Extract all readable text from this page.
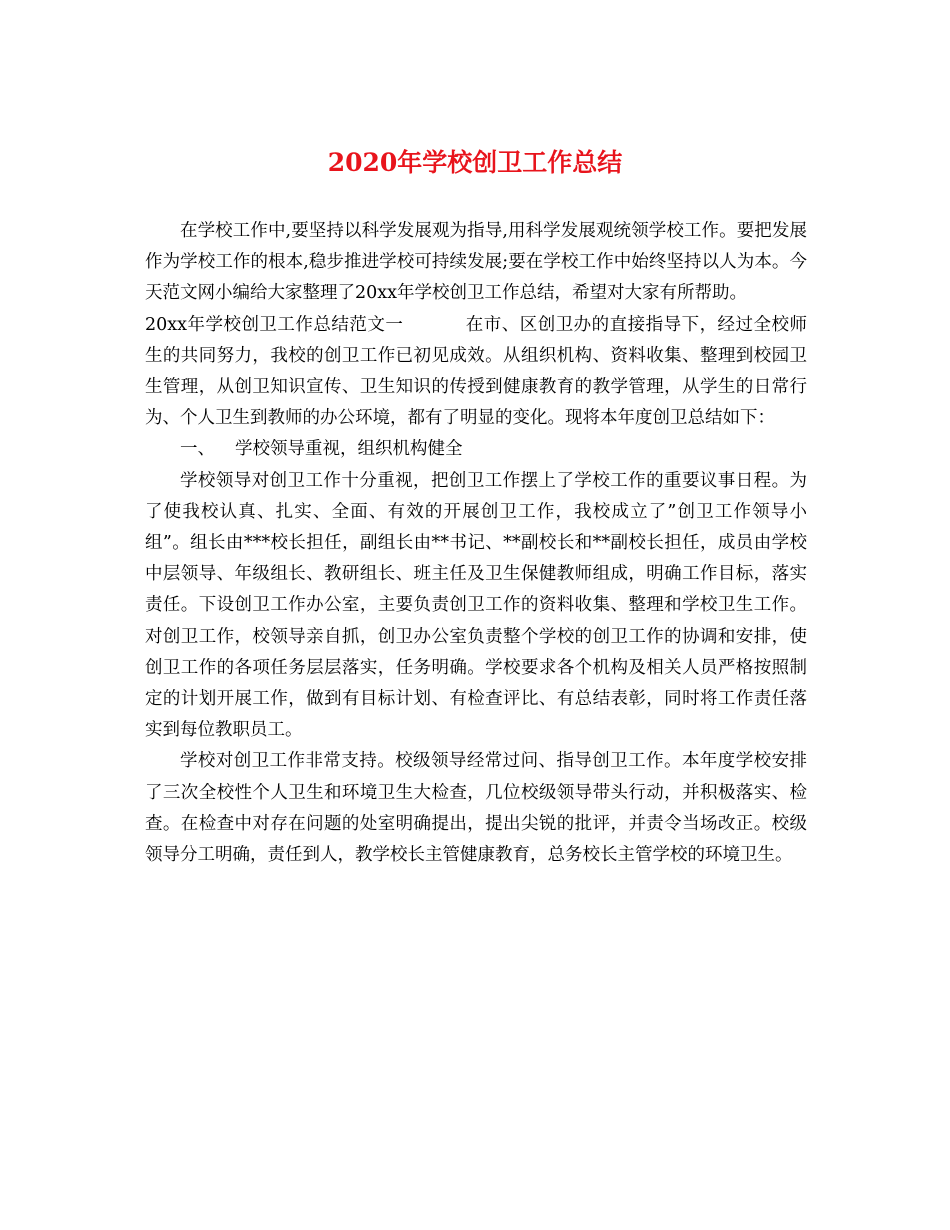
2020年学校创卫工作总结

在学校工作中,要坚持以科学发展观为指导,用科学发展观统领学校工作。要把发展作为学校工作的根本,稳步推进学校可持续发展;要在学校工作中始终坚持以人为本。今天范文网小编给大家整理了20xx年学校创卫工作总结，希望对大家有所帮助。

20xx年学校创卫工作总结范文一	在市、区创卫办的直接指导下，经过全校师生的共同努力，我校的创卫工作已初见成效。从组织机构、资料收集、整理到校园卫生管理，从创卫知识宣传、卫生知识的传授到健康教育的教学管理，从学生的日常行为、个人卫生到教师的办公环境，都有了明显的变化。现将本年度创卫总结如下：

一、 学校领导重视，组织机构健全

学校领导对创卫工作十分重视，把创卫工作摆上了学校工作的重要议事日程。为了使我校认真、扎实、全面、有效的开展创卫工作，我校成立了”创卫工作领导小组”。组长由***校长担任，副组长由**书记、**副校长和**副校长担任，成员由学校中层领导、年级组长、教研组长、班主任及卫生保健教师组成，明确工作目标，落实责任。下设创卫工作办公室，主要负责创卫工作的资料收集、整理和学校卫生工作。对创卫工作，校领导亲自抓，创卫办公室负责整个学校的创卫工作的协调和安排，使创卫工作的各项任务层层落实，任务明确。学校要求各个机构及相关人员严格按照制定的计划开展工作，做到有目标计划、有检查评比、有总结表彰，同时将工作责任落实到每位教职员工。

学校对创卫工作非常支持。校级领导经常过问、指导创卫工作。本年度学校安排了三次全校性个人卫生和环境卫生大检查，几位校级领导带头行动，并积极落实、检查。在检查中对存在问题的处室明确提出，提出尖锐的批评，并责令当场改正。校级领导分工明确，责任到人，教学校长主管健康教育，总务校长主管学校的环境卫生。
